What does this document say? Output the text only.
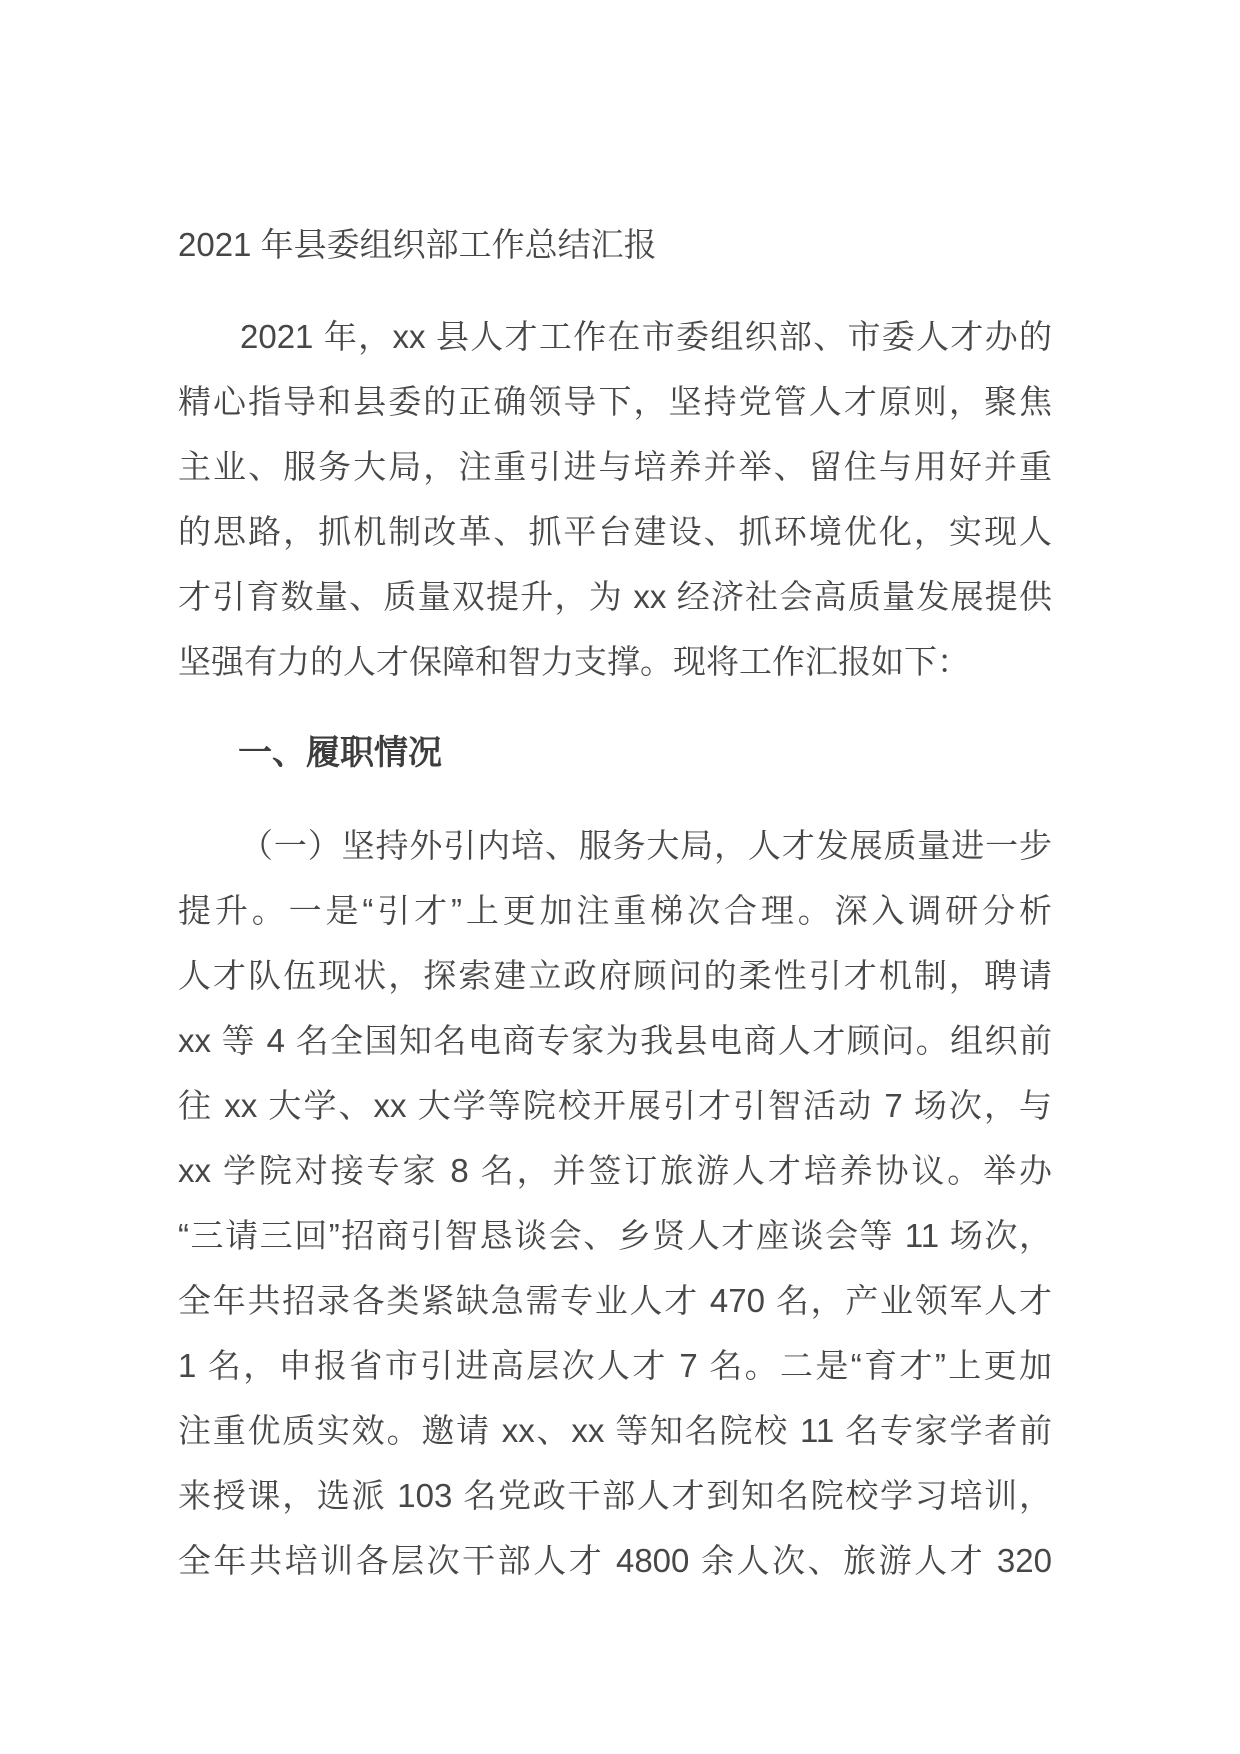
2021 年县委组织部工作总结汇报
2021 年，xx 县人才工作在市委组织部、市委人才办的
精心指导和县委的正确领导下，坚持党管人才原则，聚焦
主业、服务大局，注重引进与培养并举、留住与用好并重
的思路，抓机制改革、抓平台建设、抓环境优化，实现人
才引育数量、质量双提升，为 xx 经济社会高质量发展提供
坚强有力的人才保障和智力支撑。现将工作汇报如下：
一、履职情况
（一）坚持外引内培、服务大局，人才发展质量进一步
提升。一是“引才”上更加注重梯次合理。深入调研分析
人才队伍现状，探索建立政府顾问的柔性引才机制，聘请
xx 等 4 名全国知名电商专家为我县电商人才顾问。组织前
往 xx 大学、xx 大学等院校开展引才引智活动 7 场次，与
xx 学院对接专家 8 名，并签订旅游人才培养协议。举办
“三请三回”招商引智恳谈会、乡贤人才座谈会等 11 场次，
全年共招录各类紧缺急需专业人才 470 名，产业领军人才
1 名，申报省市引进高层次人才 7 名。二是“育才”上更加
注重优质实效。邀请 xx、xx 等知名院校 11 名专家学者前
来授课，选派 103 名党政干部人才到知名院校学习培训，
全年共培训各层次干部人才 4800 余人次、旅游人才 320
